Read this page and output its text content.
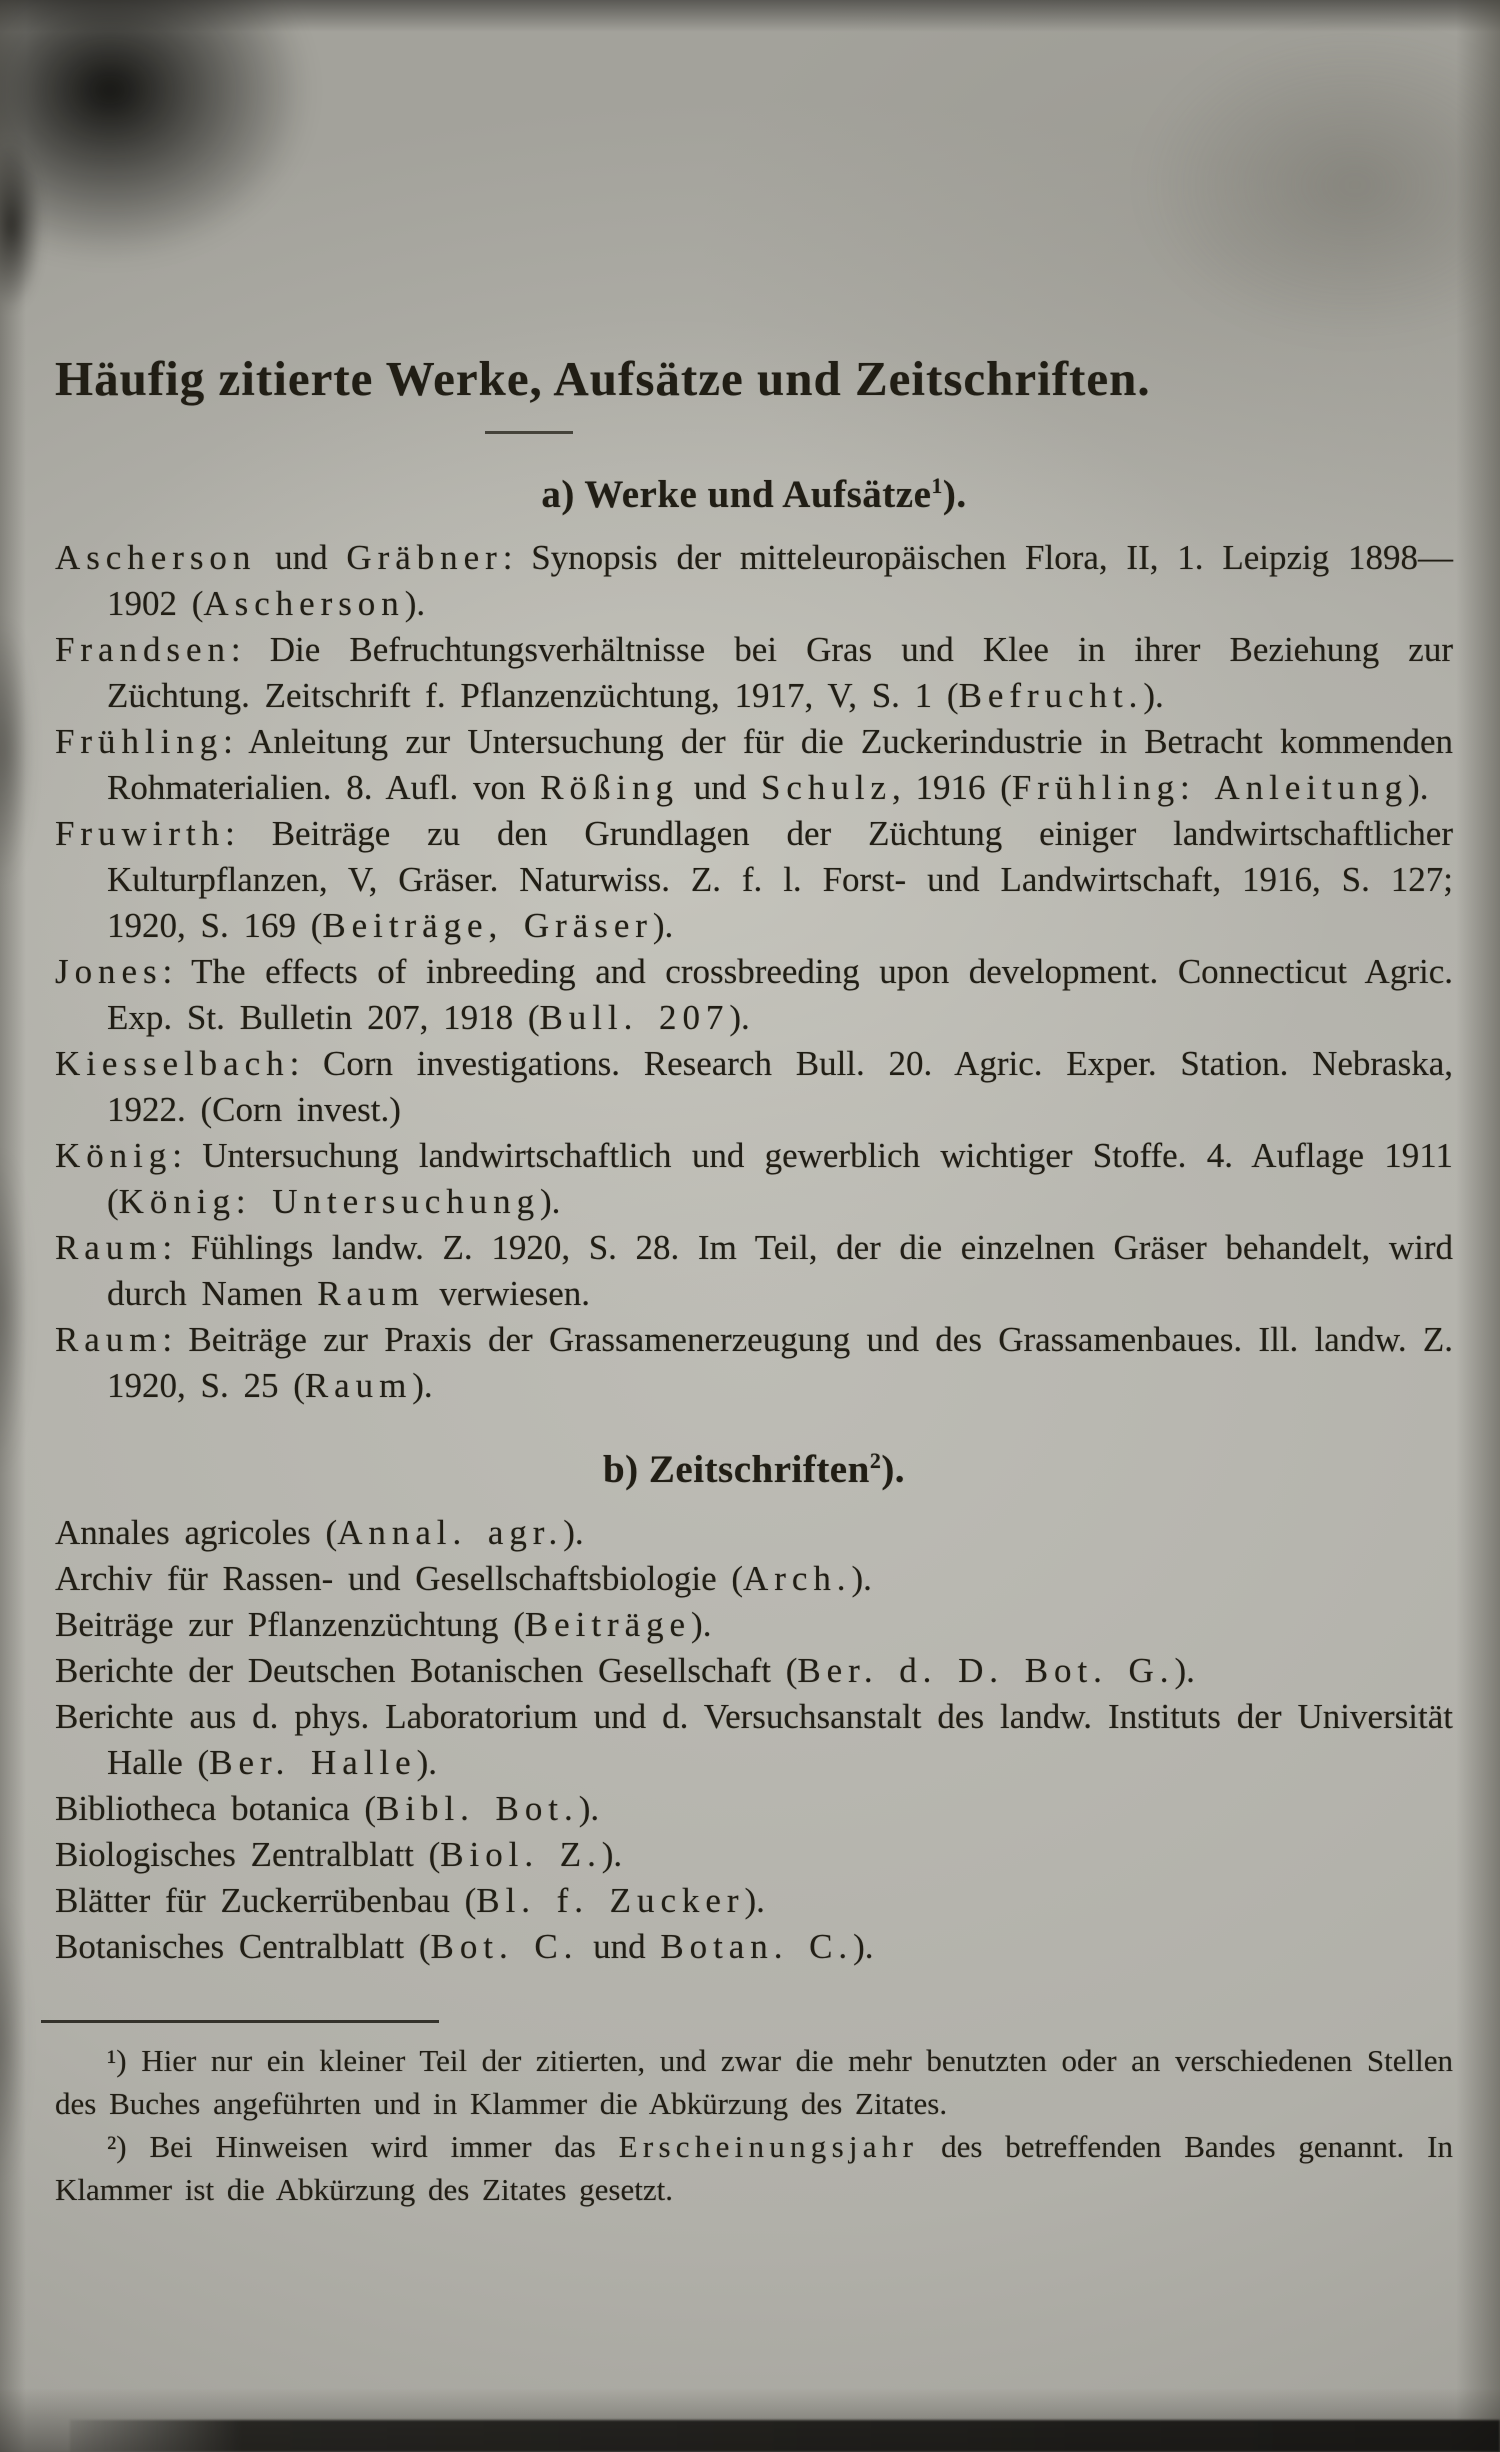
Häufig zitierte Werke, Aufsätze und Zeitschriften.
a) Werke und Aufsätze$^1$).

Ascherson und Gräbner: Synopsis der mitteleuropäischen Flora, II, 1. Leipzig 1898—1902 (Ascherson).

Frandsen: Die Befruchtungsverhältnisse bei Gras und Klee in ihrer Beziehung zur Züchtung. Zeitschrift f. Pflanzenzüchtung, 1917, V, S. 1 (Befrucht.).

Frühling: Anleitung zur Untersuchung der für die Zuckerindustrie in Betracht kommenden Rohmaterialien. 8. Aufl. von Rößing und Schulz, 1916 (Frühling: Anleitung).

Fruwirth: Beiträge zu den Grundlagen der Züchtung einiger landwirtschaftlicher Kulturpflanzen, V, Gräser. Naturwiss. Z. f. l. Forst- und Landwirtschaft, 1916, S. 127; 1920, S. 169 (Beiträge, Gräser).

Jones: The effects of inbreeding and crossbreeding upon development. Connecticut Agric. Exp. St. Bulletin 207, 1918 (Bull. 207).

Kiesselbach: Corn investigations. Research Bull. 20. Agric. Exper. Station. Nebraska, 1922. (Corn invest.)

König: Untersuchung landwirtschaftlich und gewerblich wichtiger Stoffe. 4. Auflage 1911 (König: Untersuchung).

Raum: Fühlings landw. Z. 1920, S. 28. Im Teil, der die einzelnen Gräser behandelt, wird durch Namen Raum verwiesen.

Raum: Beiträge zur Praxis der Grassamenerzeugung und des Grassamenbaues. Ill. landw. Z. 1920, S. 25 (Raum).

b) Zeitschriften$^2$).

Annales agricoles (Annal. agr.).

Archiv für Rassen- und Gesellschaftsbiologie (Arch.).

Beiträge zur Pflanzenzüchtung (Beiträge).

Berichte der Deutschen Botanischen Gesellschaft (Ber. d. D. Bot. G.).

Berichte aus d. phys. Laboratorium und d. Versuchsanstalt des landw. Instituts der Universität Halle (Ber. Halle).

Bibliotheca botanica (Bibl. Bot.).

Biologisches Zentralblatt (Biol. Z.).

Blätter für Zuckerrübenbau (Bl. f. Zucker).

Botanisches Centralblatt (Bot. C. und Botan. C.).

¹) Hier nur ein kleiner Teil der zitierten, und zwar die mehr benutzten oder an verschiedenen Stellen des Buches angeführten und in Klammer die Abkürzung des Zitates.

²) Bei Hinweisen wird immer das Erscheinungsjahr des betreffenden Bandes genannt. In Klammer ist die Abkürzung des Zitates gesetzt.
